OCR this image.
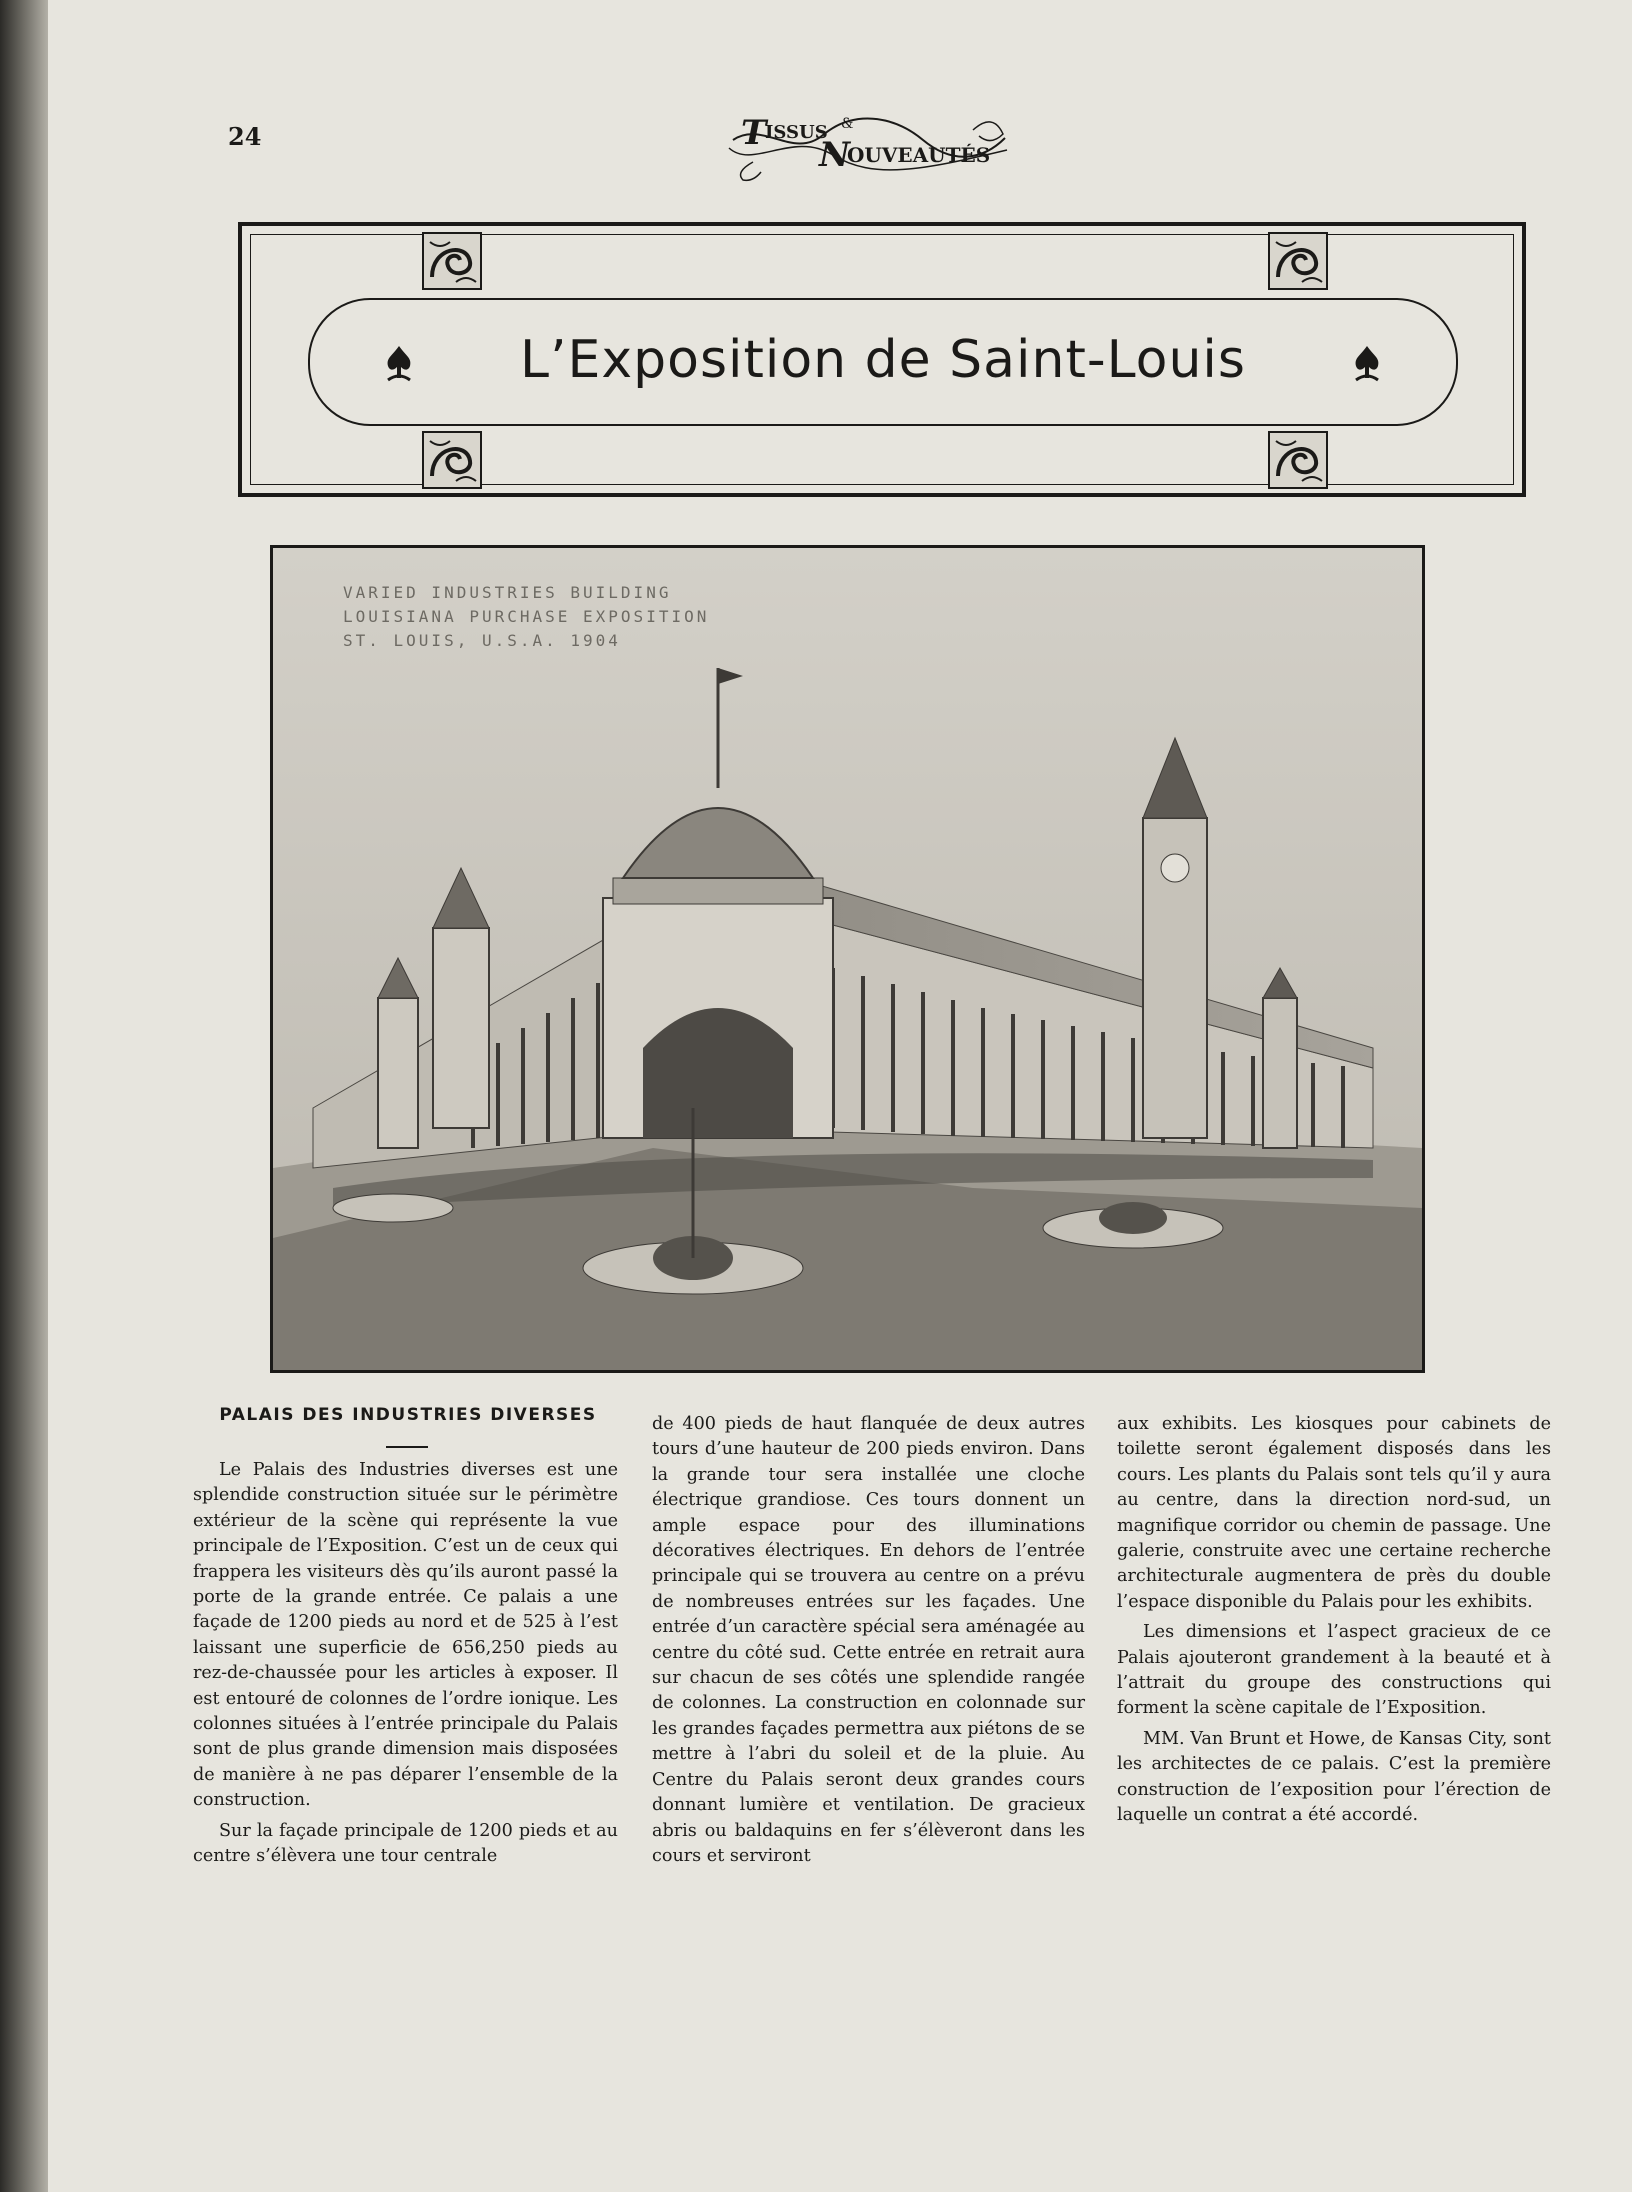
24	T
ISSUS &
N
OUVEAUTÉS
L’Exposition de Saint-Louis
VARIED INDUSTRIES BUILDING
LOUISIANA PURCHASE EXPOSITION
ST. LOUIS, U.S.A. 1904
PALAIS DES INDUSTRIES DIVERSES

Le Palais des Industries diverses est une splendide construction située sur le périmètre extérieur de la scène qui représente la vue principale de l’Exposition. C’est un de ceux qui frappera les visiteurs dès qu’ils auront passé la porte de la grande entrée. Ce palais a une façade de 1200 pieds au nord et de 525 à l’est laissant une superficie de 656,250 pieds au rez-de-chaussée pour les articles à exposer. Il est entouré de colonnes de l’ordre ionique. Les colonnes situées à l’entrée principale du Palais sont de plus grande dimension mais disposées de manière à ne pas déparer l’ensemble de la construction.

Sur la façade principale de 1200 pieds et au centre s’élèvera une tour centrale

de 400 pieds de haut flanquée de deux autres tours d’une hauteur de 200 pieds environ. Dans la grande tour sera installée une cloche électrique grandiose. Ces tours donnent un ample espace pour des illuminations décoratives électriques. En dehors de l’entrée principale qui se trouvera au centre on a prévu de nombreuses entrées sur les façades. Une entrée d’un caractère spécial sera aménagée au centre du côté sud. Cette entrée en retrait aura sur chacun de ses côtés une splendide rangée de colonnes. La construction en colonnade sur les grandes façades permettra aux piétons de se mettre à l’abri du soleil et de la pluie. Au Centre du Palais seront deux grandes cours donnant lumière et ventilation. De gracieux abris ou baldaquins en fer s’élèveront dans les cours et serviront

aux exhibits. Les kiosques pour cabinets de toilette seront également disposés dans les cours. Les plants du Palais sont tels qu’il y aura au centre, dans la direction nord-sud, un magnifique corridor ou chemin de passage. Une galerie, construite avec une certaine recherche architecturale augmentera de près du double l’espace disponible du Palais pour les exhibits.

Les dimensions et l’aspect gracieux de ce Palais ajouteront grandement à la beauté et à l’attrait du groupe des constructions qui forment la scène capitale de l’Exposition.

MM. Van Brunt et Howe, de Kansas City, sont les architectes de ce palais. C’est la première construction de l’exposition pour l’érection de laquelle un contrat a été accordé.
